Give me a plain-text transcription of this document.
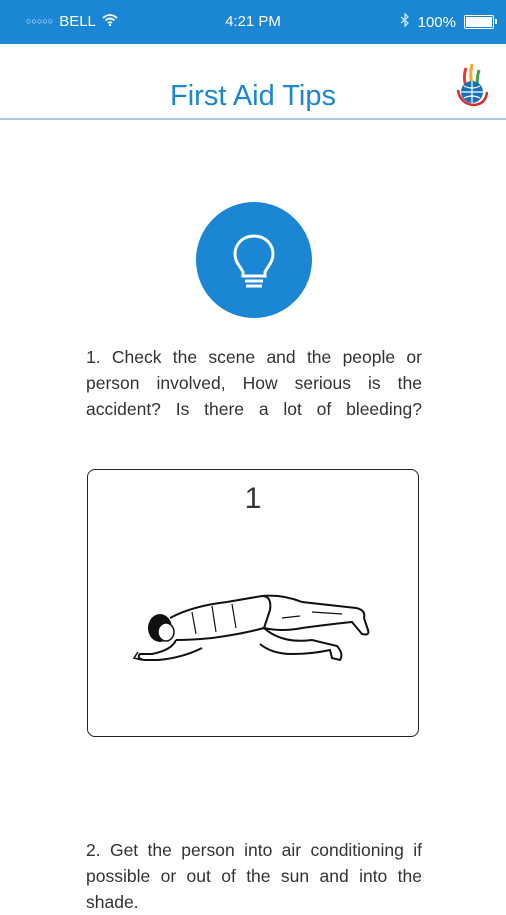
○○○○○ BELL	4:21 PM	100%
First Aid Tips
1. Check the scene and the people or person involved, How serious is the accident? Is there a lot of bleeding?
1
2. Get the person into air conditioning if possible or out of the sun and into the shade.
